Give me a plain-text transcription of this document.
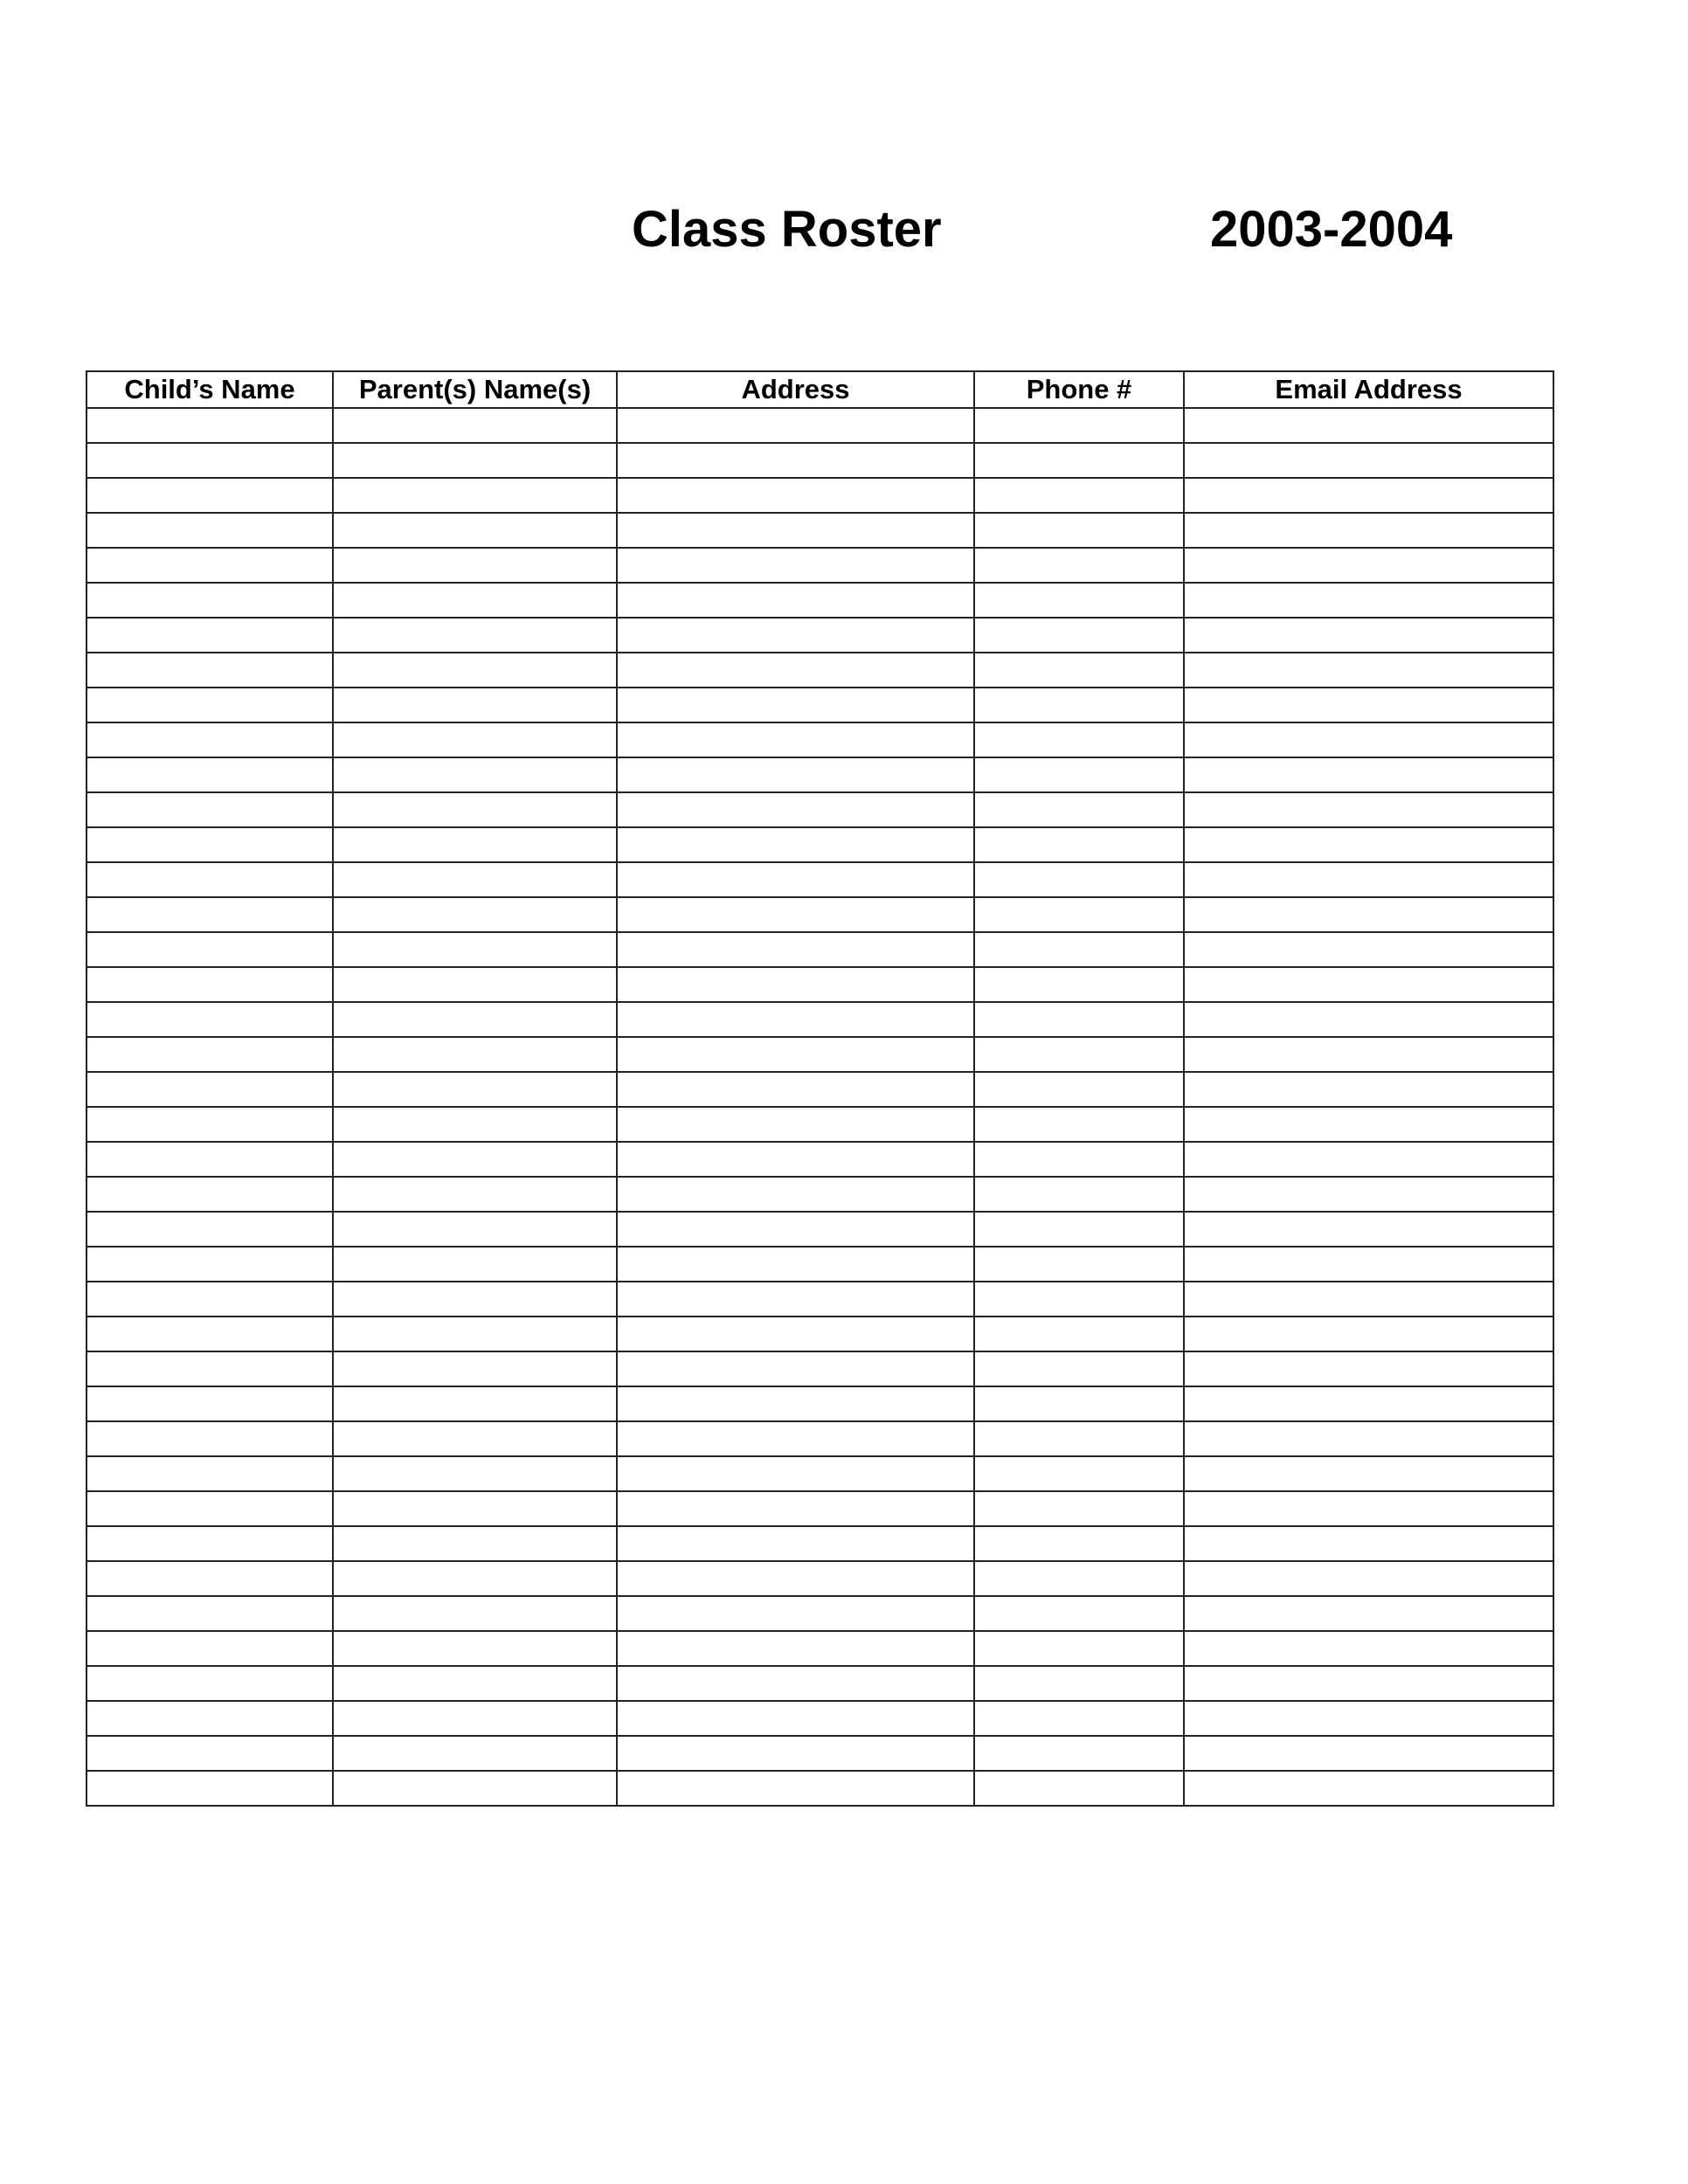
Class Roster	2003-2004
Child’s Name	Parent(s) Name(s)	Address	Phone #	Email Address
